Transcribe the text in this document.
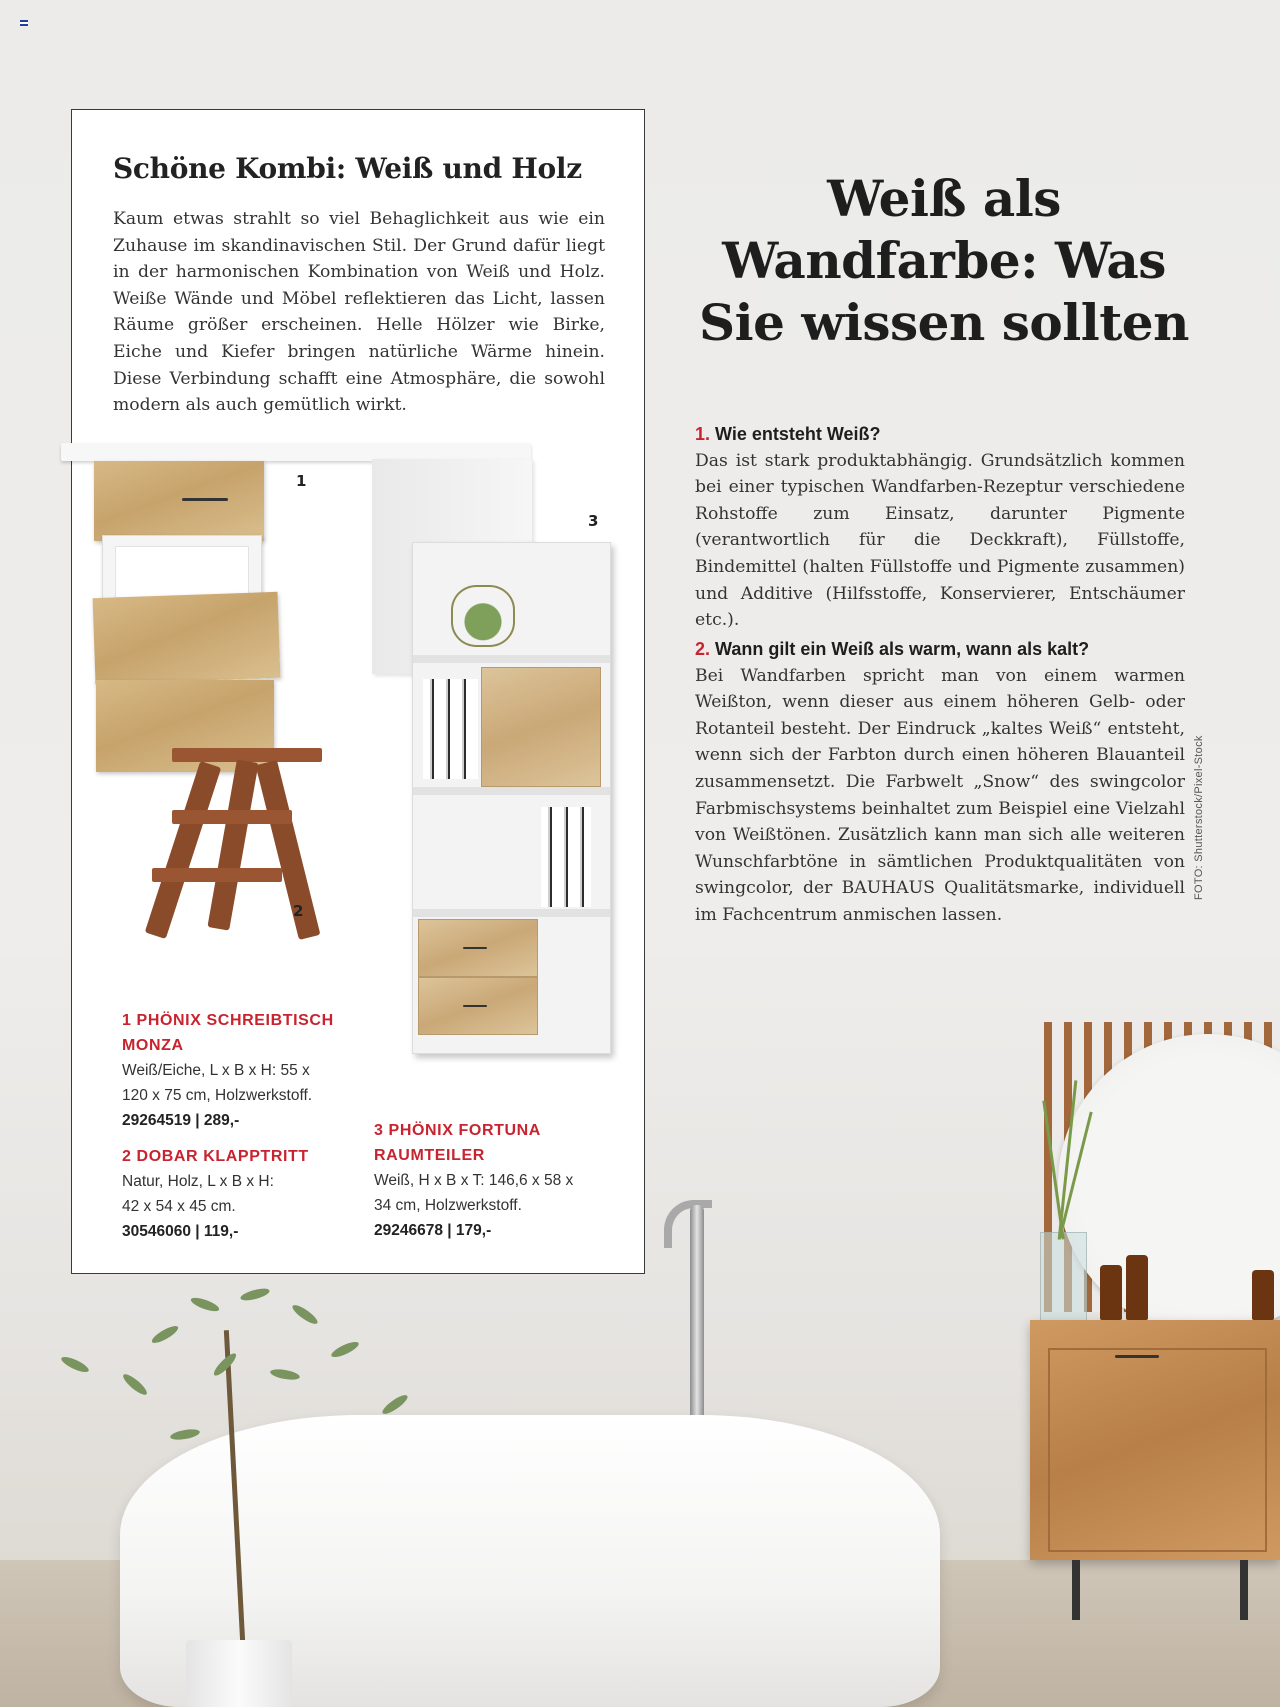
Schöne Kombi: Weiß und Holz

Kaum etwas strahlt so viel Behaglichkeit aus wie ein Zuhause im skandinavischen Stil. Der Grund dafür liegt in der harmonischen Kombination von Weiß und Holz. Weiße Wände und Möbel reflektieren das Licht, lassen Räume größer erscheinen. Helle Hölzer wie Birke, Eiche und Kiefer bringen natürliche Wärme hinein. Diese Verbindung schafft eine Atmosphäre, die sowohl modern als auch gemütlich wirkt.

1
2
3

1 PHÖNIX SCHREIBTISCH

MONZA

Weiß/Eiche, L x B x H: 55 x

120 x 75 cm, Holzwerkstoff.

29264519 | 289,-

2 DOBAR KLAPPTRITT

Natur, Holz, L x B x H:

42 x 54 x 45 cm.

30546060 | 119,-

3 PHÖNIX FORTUNA

RAUMTEILER

Weiß, H x B x T: 146,6 x 58 x

34 cm, Holzwerkstoff.

29246678 | 179,-

Weiß als Wandfarbe: Was Sie wissen sollten

1. Wie entsteht Weiß?

Das ist stark produktabhängig. Grundsätzlich kommen bei einer typischen Wandfarben-Rezeptur verschiedene Rohstoffe zum Einsatz, darunter Pigmente (verantwortlich für die Deckkraft), Füllstoffe, Bindemittel (halten Füllstoffe und Pigmente zusammen) und Additive (Hilfsstoffe, Konservierer, Entschäumer etc.).

2. Wann gilt ein Weiß als warm, wann als kalt?

Bei Wandfarben spricht man von einem warmen Weißton, wenn dieser aus einem höheren Gelb- oder Rotanteil besteht. Der Eindruck „kaltes Weiß“ entsteht, wenn sich der Farbton durch einen höheren Blauanteil zusammensetzt. Die Farbwelt „Snow“ des swingcolor Farbmischsystems beinhaltet zum Beispiel eine Vielzahl von Weißtönen. Zusätzlich kann man sich alle weiteren Wunschfarbtöne in sämtlichen Produktqualitäten von swingcolor, der BAUHAUS Qualitätsmarke, individuell im Fachcentrum anmischen lassen.

FOTO: Shutterstock/Pixel-Stock
